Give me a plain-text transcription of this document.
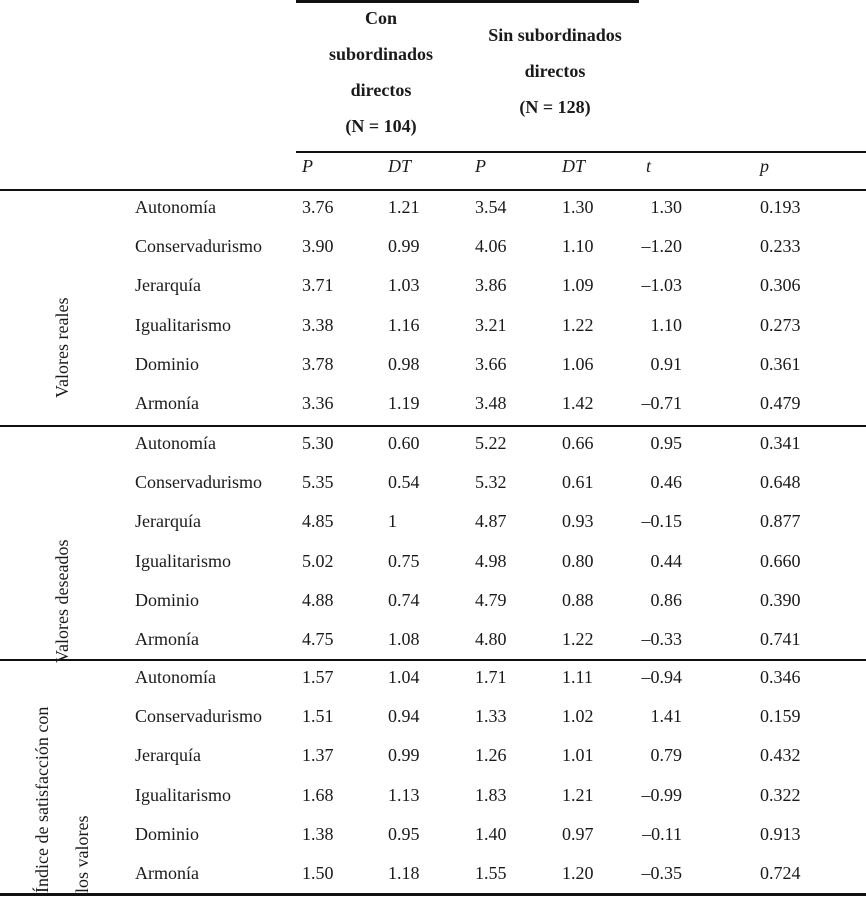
Con
subordinados
directos
(N = 104)
Sin subordinados
directos
(N = 128)
P	DT	P	DT	t	p
Valores reales
Valores deseados
Índice de satisfacción con los valores
Autonomía	3.76	1.21	3.54	1.30	1.30	0.193
Conservadurismo 3.90	0.99	4.06	1.10	–1.20	0.233
Jerarquía	3.71	1.03	3.86	1.09	–1.03	0.306
Igualitarismo	3.38	1.16	3.21	1.22	1.10	0.273
Dominio	3.78	0.98	3.66	1.06	0.91	0.361
Armonía	3.36	1.19	3.48	1.42	–0.71	0.479
Autonomía	5.30	0.60	5.22	0.66	0.95	0.341
Conservadurismo 5.35	0.54	5.32	0.61	0.46	0.648
Jerarquía	4.85	1	4.87	0.93	–0.15	0.877
Igualitarismo	5.02	0.75	4.98	0.80	0.44	0.660
Dominio	4.88	0.74	4.79	0.88	0.86	0.390
Armonía	4.75	1.08	4.80	1.22	–0.33	0.741
Autonomía	1.57	1.04	1.71	1.11	–0.94	0.346
Conservadurismo 1.51	0.94	1.33	1.02	1.41	0.159
Jerarquía	1.37	0.99	1.26	1.01	0.79	0.432
Igualitarismo	1.68	1.13	1.83	1.21	–0.99	0.322
Dominio	1.38	0.95	1.40	0.97	–0.11	0.913
Armonía	1.50	1.18	1.55	1.20	–0.35	0.724
